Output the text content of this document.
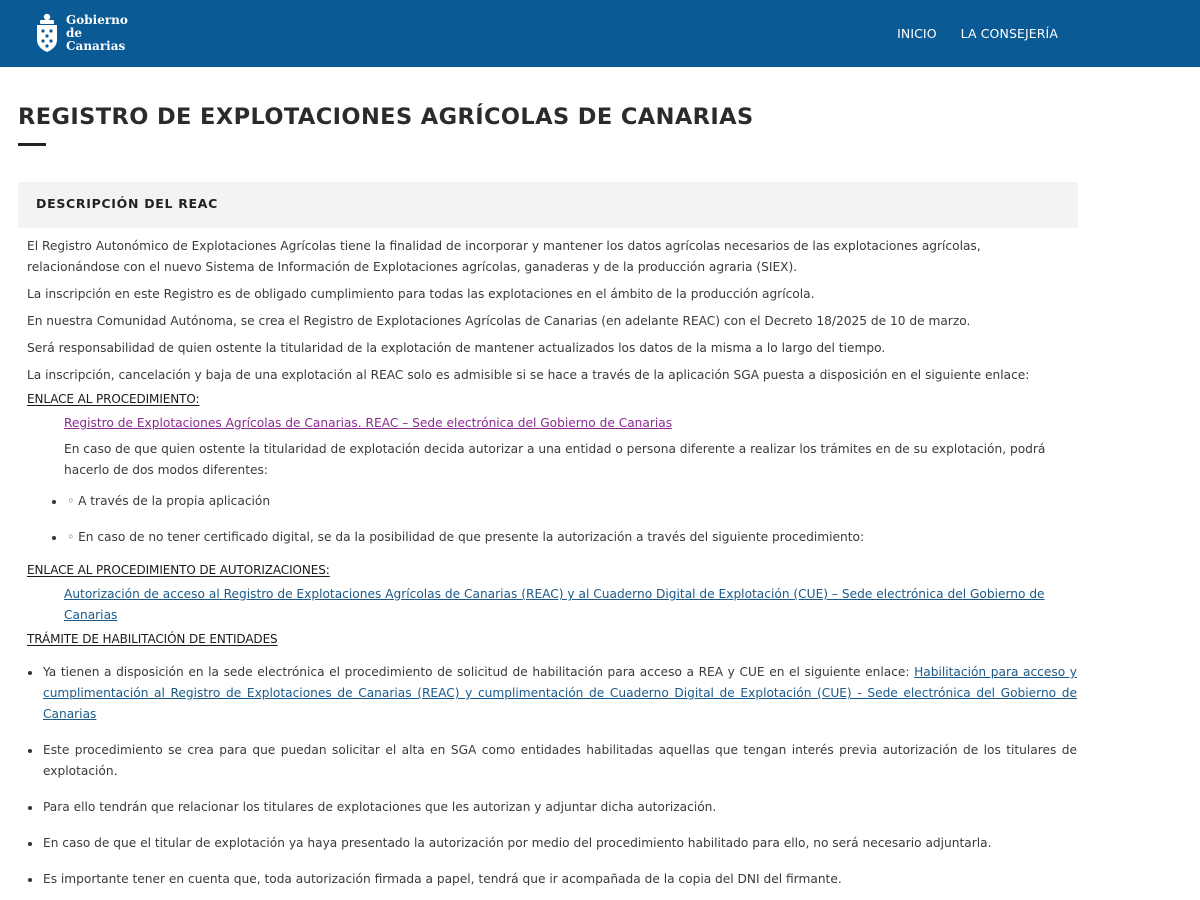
Gobierno
de Canarias
INICIO LA CONSEJERÍA
REGISTRO DE EXPLOTACIONES AGRÍCOLAS DE CANARIAS
DESCRIPCIÓN DEL REAC

El Registro Autonómico de Explotaciones Agrícolas tiene la finalidad de incorporar y mantener los datos agrícolas necesarios de las explotaciones agrícolas, relacionándose con el nuevo Sistema de Información de Explotaciones agrícolas, ganaderas y de la producción agraria (SIEX).

La inscripción en este Registro es de obligado cumplimiento para todas las explotaciones en el ámbito de la producción agrícola.

En nuestra Comunidad Autónoma, se crea el Registro de Explotaciones Agrícolas de Canarias (en adelante REAC) con el Decreto 18/2025 de 10 de marzo.

Será responsabilidad de quien ostente la titularidad de la explotación de mantener actualizados los datos de la misma a lo largo del tiempo.

La inscripción, cancelación y baja de una explotación al REAC solo es admisible si se hace a través de la aplicación SGA puesta a disposición en el siguiente enlace:

ENLACE AL PROCEDIMIENTO:
Registro de Explotaciones Agrícolas de Canarias. REAC – Sede electrónica del Gobierno de Canarias

En caso de que quien ostente la titularidad de explotación decida autorizar a una entidad o persona diferente a realizar los trámites en de su explotación, podrá hacerlo de dos modos diferentes:

◦ A través de la propia aplicación
◦ En caso de no tener certificado digital, se da la posibilidad de que presente la autorización a través del siguiente procedimiento:
ENLACE AL PROCEDIMIENTO DE AUTORIZACIONES:
Autorización de acceso al Registro de Explotaciones Agrícolas de Canarias (REAC) y al Cuaderno Digital de Explotación (CUE) – Sede electrónica del Gobierno de Canarias
TRÁMITE DE HABILITACIÓN DE ENTIDADES
Ya tienen a disposición en la sede electrónica el procedimiento de solicitud de habilitación para acceso a REA y CUE en el siguiente enlace: Habilitación para acceso y cumplimentación al Registro de Explotaciones de Canarias (REAC) y cumplimentación de Cuaderno Digital de Explotación (CUE) - Sede electrónica del Gobierno de Canarias
Este procedimiento se crea para que puedan solicitar el alta en SGA como entidades habilitadas aquellas que tengan interés previa autorización de los titulares de explotación.
Para ello tendrán que relacionar los titulares de explotaciones que les autorizan y adjuntar dicha autorización.
En caso de que el titular de explotación ya haya presentado la autorización por medio del procedimiento habilitado para ello, no será necesario adjuntarla.
Es importante tener en cuenta que, toda autorización firmada a papel, tendrá que ir acompañada de la copia del DNI del firmante.
